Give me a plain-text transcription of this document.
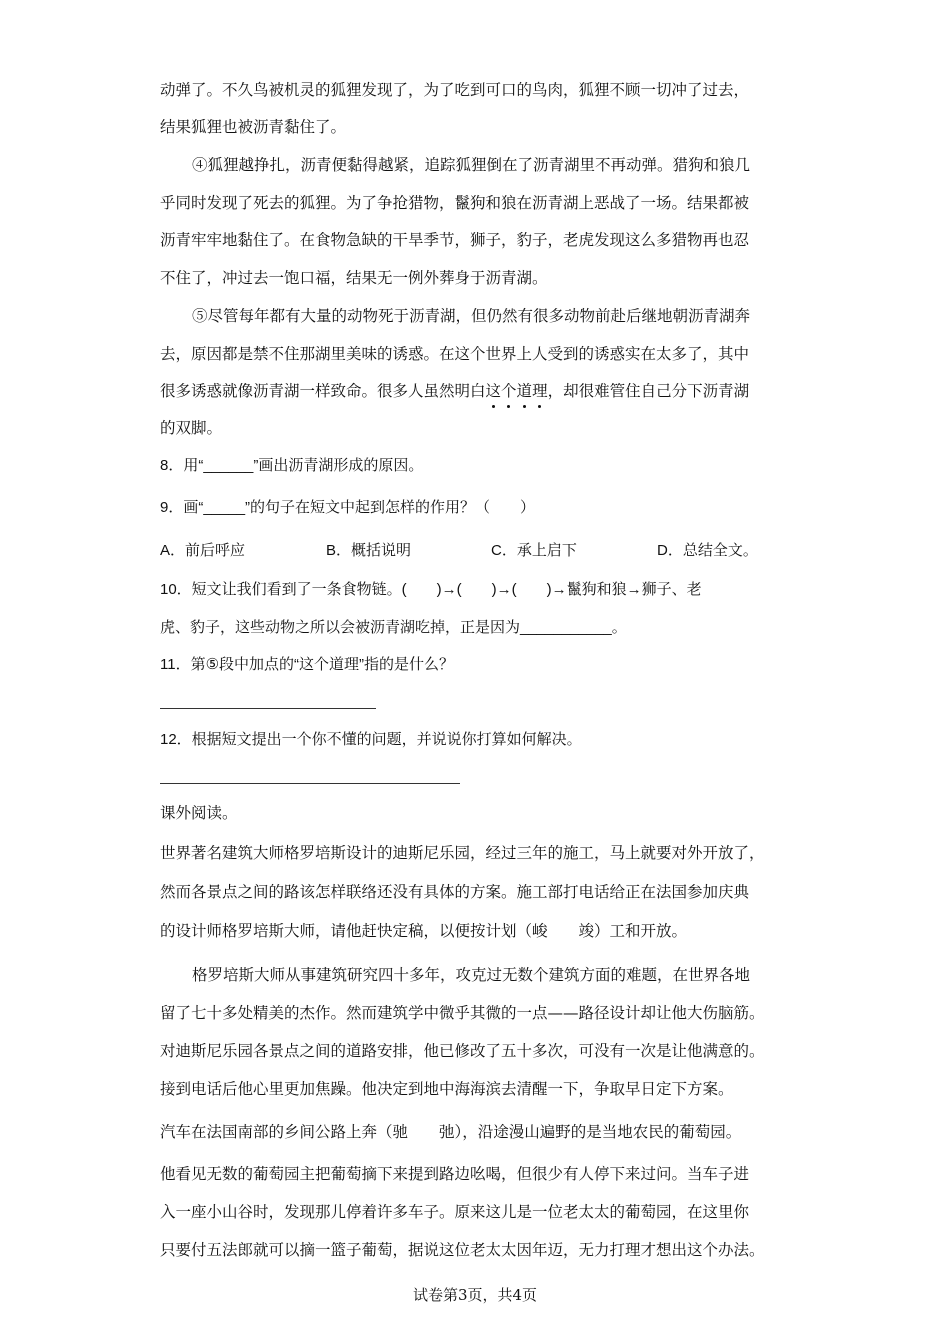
动弹了。不久鸟被机灵的狐狸发现了，为了吃到可口的鸟肉，狐狸不顾一切冲了过去，
结果狐狸也被沥青黏住了。
④狐狸越挣扎，沥青便黏得越紧，追踪狐狸倒在了沥青湖里不再动弹。猎狗和狼几
乎同时发现了死去的狐狸。为了争抢猎物，鬣狗和狼在沥青湖上恶战了一场。结果都被
沥青牢牢地黏住了。在食物急缺的干旱季节，狮子，豹子，老虎发现这么多猎物再也忍
不住了，冲过去一饱口福，结果无一例外葬身于沥青湖。
⑤尽管每年都有大量的动物死于沥青湖，但仍然有很多动物前赴后继地朝沥青湖奔
去，原因都是禁不住那湖里美味的诱惑。在这个世界上人受到的诱惑实在太多了，其中
很多诱惑就像沥青湖一样致命。很多人虽然明白这个道理，却很难管住自己分下沥青湖
的双脚。
8．用“______”画出沥青湖形成的原因。
9．画“_____”的句子在短文中起到怎样的作用？（　　）
A．前后呼应	B．概括说明	C．承上启下	D．总结全文。
10．短文让我们看到了一条食物链。(　　)→(　　)→(　　)→鬣狗和狼→狮子、老
虎、豹子，这些动物之所以会被沥青湖吃掉，正是因为___________。
11．第⑤段中加点的“这个道理”指的是什么？
12．根据短文提出一个你不懂的问题，并说说你打算如何解决。
课外阅读。
世界著名建筑大师格罗培斯设计的迪斯尼乐园，经过三年的施工，马上就要对外开放了，
然而各景点之间的路该怎样联络还没有具体的方案。施工部打电话给正在法国参加庆典
的设计师格罗培斯大师，请他赶快定稿，以便按计划（峻　　竣）工和开放。
格罗培斯大师从事建筑研究四十多年，攻克过无数个建筑方面的难题，在世界各地
留了七十多处精美的杰作。然而建筑学中微乎其微的一点——路径设计却让他大伤脑筋。
对迪斯尼乐园各景点之间的道路安排，他已修改了五十多次，可没有一次是让他满意的。
接到电话后他心里更加焦躁。他决定到地中海海滨去清醒一下，争取早日定下方案。
汽车在法国南部的乡间公路上奔（驰　　弛），沿途漫山遍野的是当地农民的葡萄园。
他看见无数的葡萄园主把葡萄摘下来提到路边吆喝，但很少有人停下来过问。当车子进
入一座小山谷时，发现那儿停着许多车子。原来这儿是一位老太太的葡萄园，在这里你
只要付五法郎就可以摘一篮子葡萄，据说这位老太太因年迈，无力打理才想出这个办法。
试卷第3页，共4页
